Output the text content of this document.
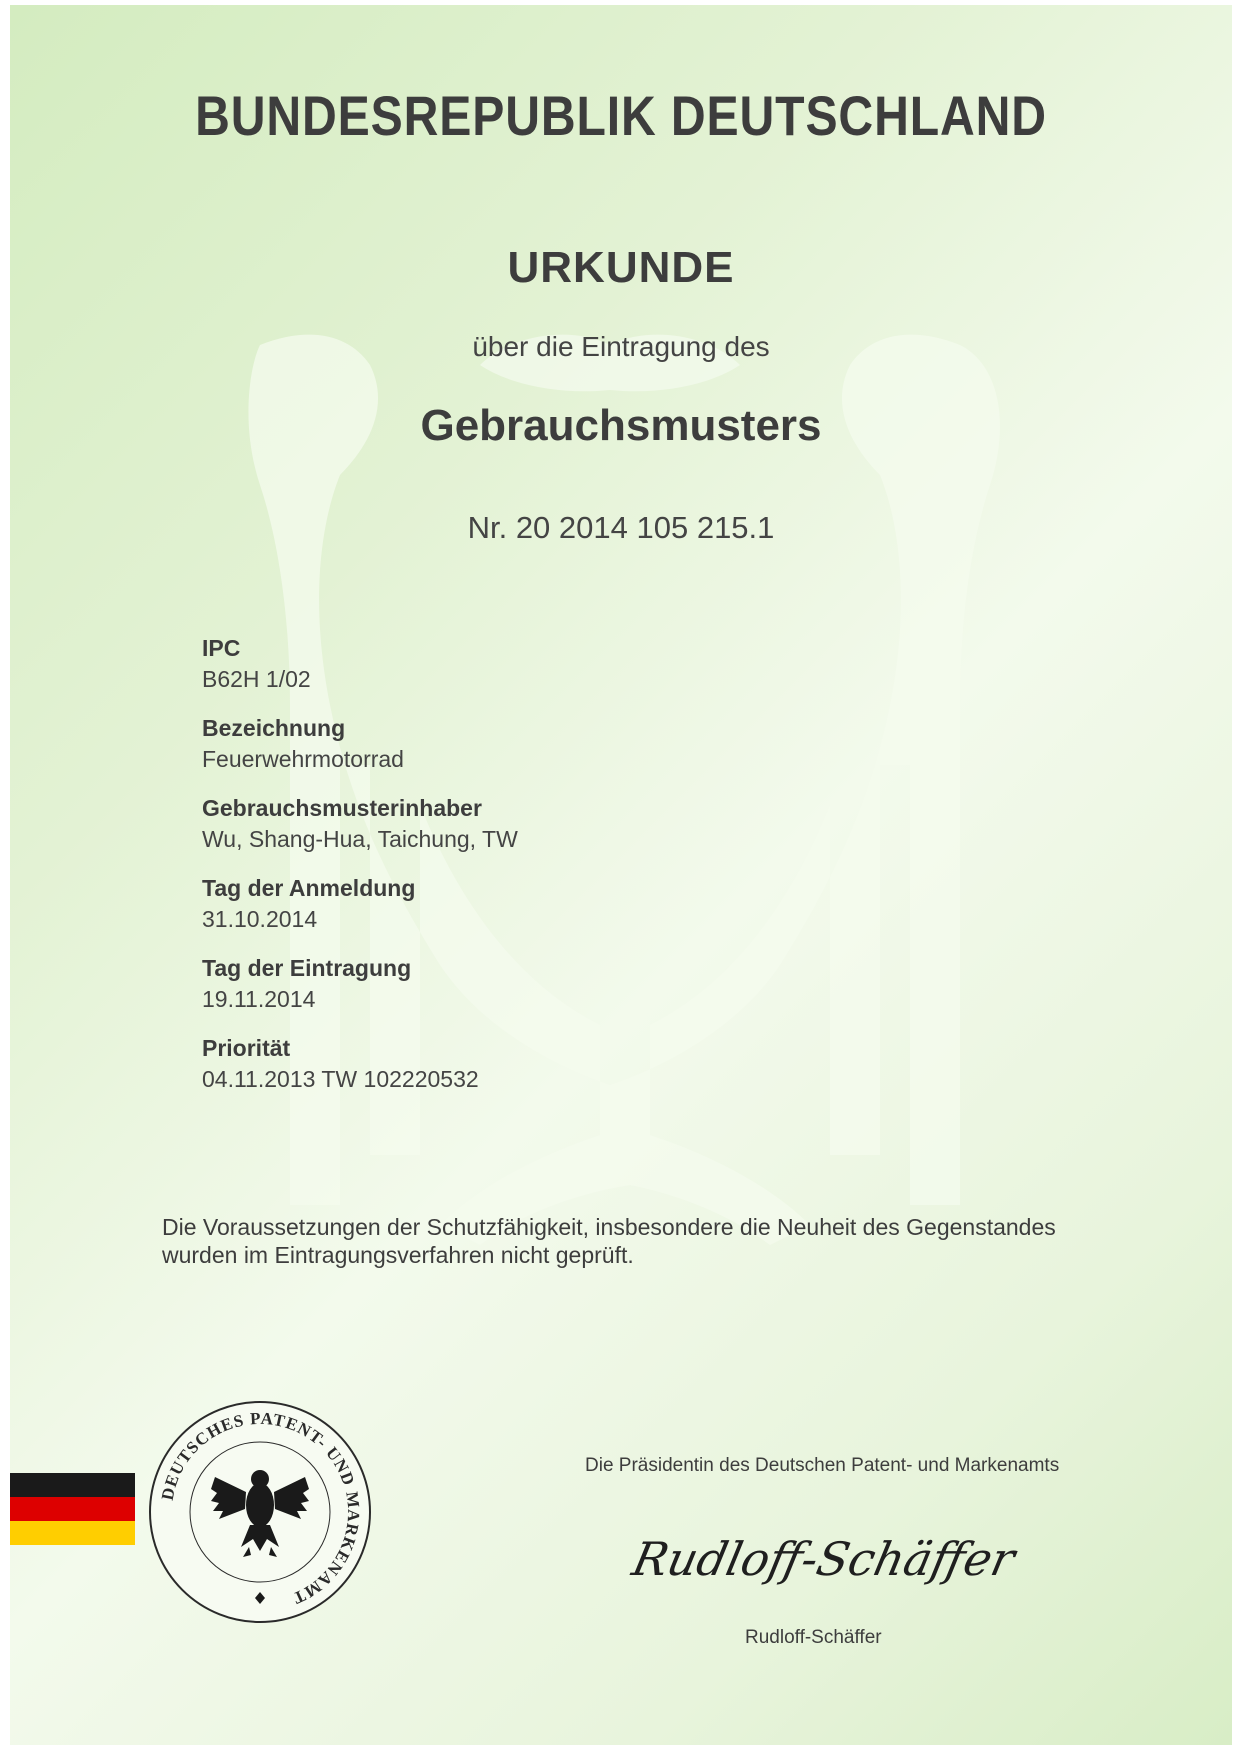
BUNDESREPUBLIK DEUTSCHLAND
URKUNDE
über die Eintragung des
Gebrauchsmusters
Nr. 20 2014 105 215.1
IPC
B62H 1/02
Bezeichnung
Feuerwehrmotorrad
Gebrauchsmusterinhaber
Wu, Shang-Hua, Taichung, TW
Tag der Anmeldung
31.10.2014
Tag der Eintragung
19.11.2014
Priorität
04.11.2013 TW 102220532
Die Voraussetzungen der Schutzfähigkeit, insbesondere die Neuheit des Gegenstandes
wurden im Eintragungsverfahren nicht geprüft.
DEUTSCHES PATENT- UND MARKENAMT
Die Präsidentin des Deutschen Patent- und Markenamts
Rudloff-Schäffer
Rudloff-Schäffer
